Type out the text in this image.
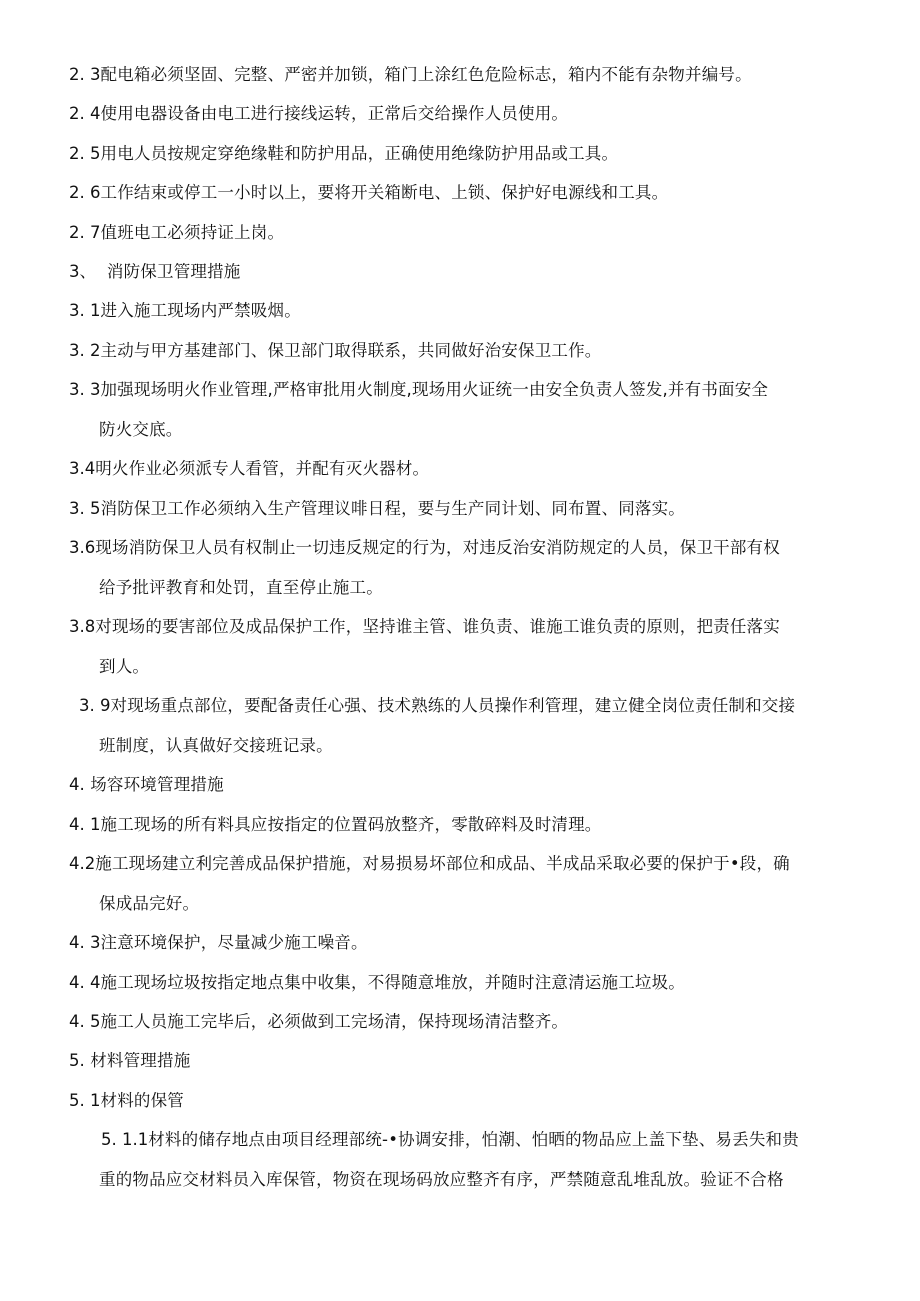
2. 3配电箱必须坚固、完整、严密并加锁，箱门上涂红色危险标志，箱内不能有杂物并编号。
2. 4使用电器设备由电工进行接线运转，正常后交给操作人员使用。
2. 5用电人员按规定穿绝缘鞋和防护用品，正确使用绝缘防护用品或工具。
2. 6工作结束或停工一小时以上，要将开关箱断电、上锁、保护好电源线和工具。
2. 7值班电工必须持证上岗。
3、  消防保卫管理措施
3. 1进入施工现场内严禁吸烟。
3. 2主动与甲方基建部门、保卫部门取得联系，共同做好治安保卫工作。
3. 3加强现场明火作业管理,严格审批用火制度,现场用火证统一由安全负责人签发,并有书面安全
防火交底。
3.4明火作业必须派专人看管，并配有灭火器材。
3. 5消防保卫工作必须纳入生产管理议啡日程，要与生产同计划、同布置、同落实。
3.6现场消防保卫人员有权制止一切违反规定的行为，对违反治安消防规定的人员，保卫干部有权
给予批评教育和处罚，直至停止施工。
3.8对现场的要害部位及成品保护工作，坚持谁主管、谁负责、谁施工谁负责的原则，把责任落实
到人。
3. 9对现场重点部位，要配备责任心强、技术熟练的人员操作利管理，建立健全岗位责任制和交接
班制度，认真做好交接班记录。
4. 场容环境管理措施
4. 1施工现场的所有料具应按指定的位置码放整齐，零散碎料及时清理。
4.2施工现场建立利完善成品保护措施，对易损易坏部位和成品、半成品采取必要的保护于•段，确
保成品完好。
4. 3注意环境保护，尽量减少施工噪音。
4. 4施工现场垃圾按指定地点集中收集，不得随意堆放，并随时注意清运施工垃圾。
4. 5施工人员施工完毕后，必须做到工完场清，保持现场清洁整齐。
5. 材料管理措施
5. 1材料的保管
5. 1.1材料的储存地点由项目经理部统-•协调安排，怕潮、怕晒的物品应上盖下垫、易丢失和贵
重的物品应交材料员入库保管，物资在现场码放应整齐有序，严禁随意乱堆乱放。验证不合格
